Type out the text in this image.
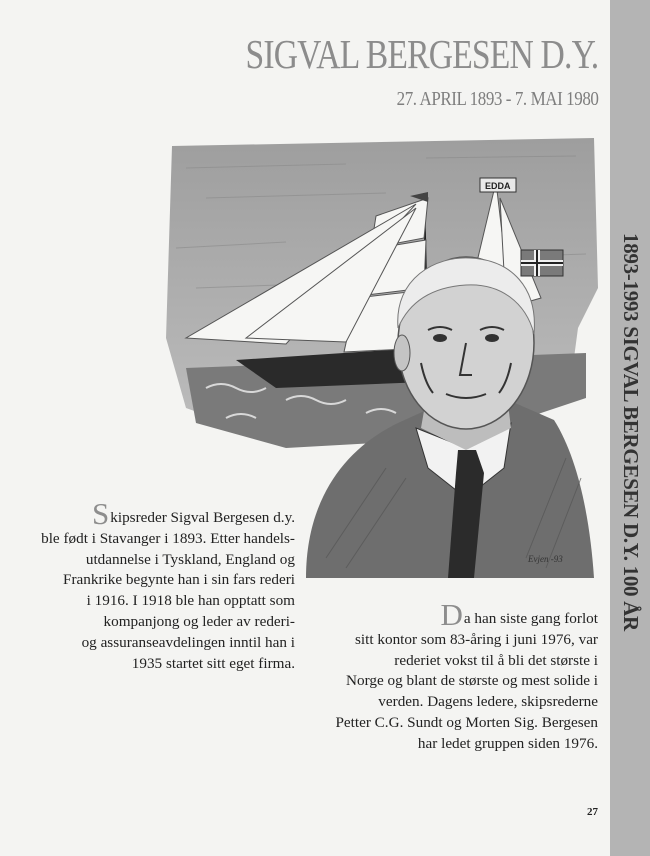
1893-1993 SIGVAL BERGESEN D.Y. 100 ÅR
SIGVAL BERGESEN D.Y.
27. APRIL 1893 - 7. MAI 1980
EDDA
Evjen -93
Skipsreder Sigval Bergesen d.y.
ble født i Stavanger i 1893. Etter handels-
utdannelse i Tyskland, England og
Frankrike begynte han i sin fars rederi
i 1916. I 1918 ble han opptatt som
kompanjong og leder av rederi-
og assuranseavdelingen inntil han i
1935 startet sitt eget firma.
Da han siste gang forlot
sitt kontor som 83-åring i juni 1976, var
rederiet vokst til å bli det største i
Norge og blant de største og mest solide i
verden. Dagens ledere, skipsrederne
Petter C.G. Sundt og Morten Sig. Bergesen
har ledet gruppen siden 1976.
27
